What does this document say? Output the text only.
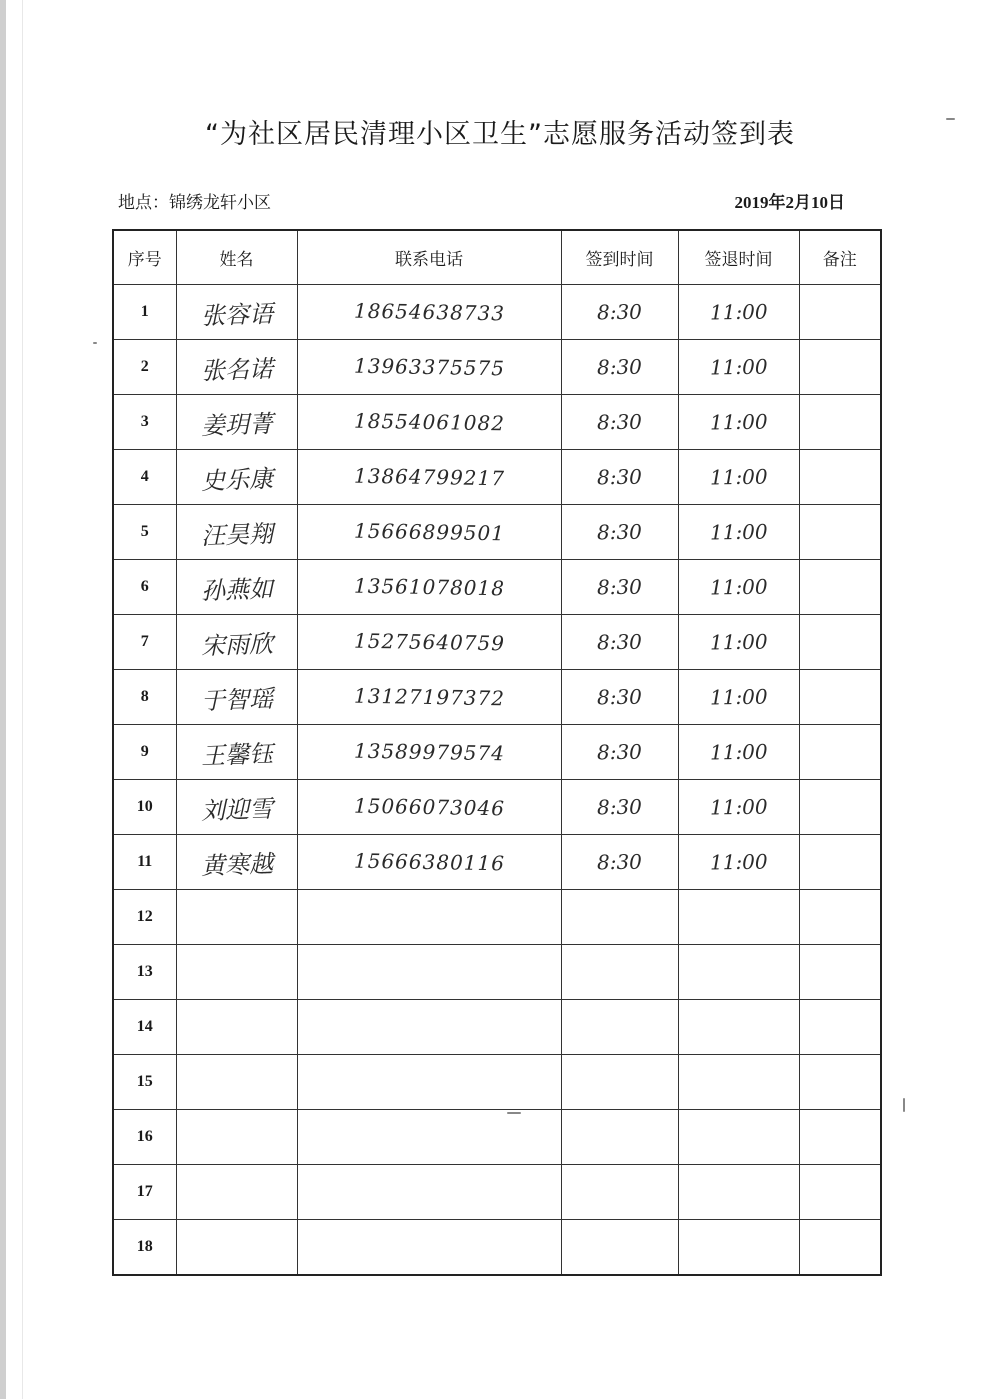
“为社区居民清理小区卫生”志愿服务活动签到表
地点：锦绣龙轩小区	2019年2月10日
序号	姓名	联系电话	签到时间	签退时间	备注
1	张容语	18654638733	8:30	11:00	
2	张名诺	13963375575	8:30	11:00	
3	姜玥菁	18554061082	8:30	11:00	
4	史乐康	13864799217	8:30	11:00	
5	汪昊翔	15666899501	8:30	11:00	
6	孙燕如	13561078018	8:30	11:00	
7	宋雨欣	15275640759	8:30	11:00	
8	于智瑶	13127197372	8:30	11:00	
9	王馨钰	13589979574	8:30	11:00	
10	刘迎雪	15066073046	8:30	11:00	
11	黄寒越	15666380116	8:30	11:00	
12					
13					
14					
15					
16					
17					
18					
